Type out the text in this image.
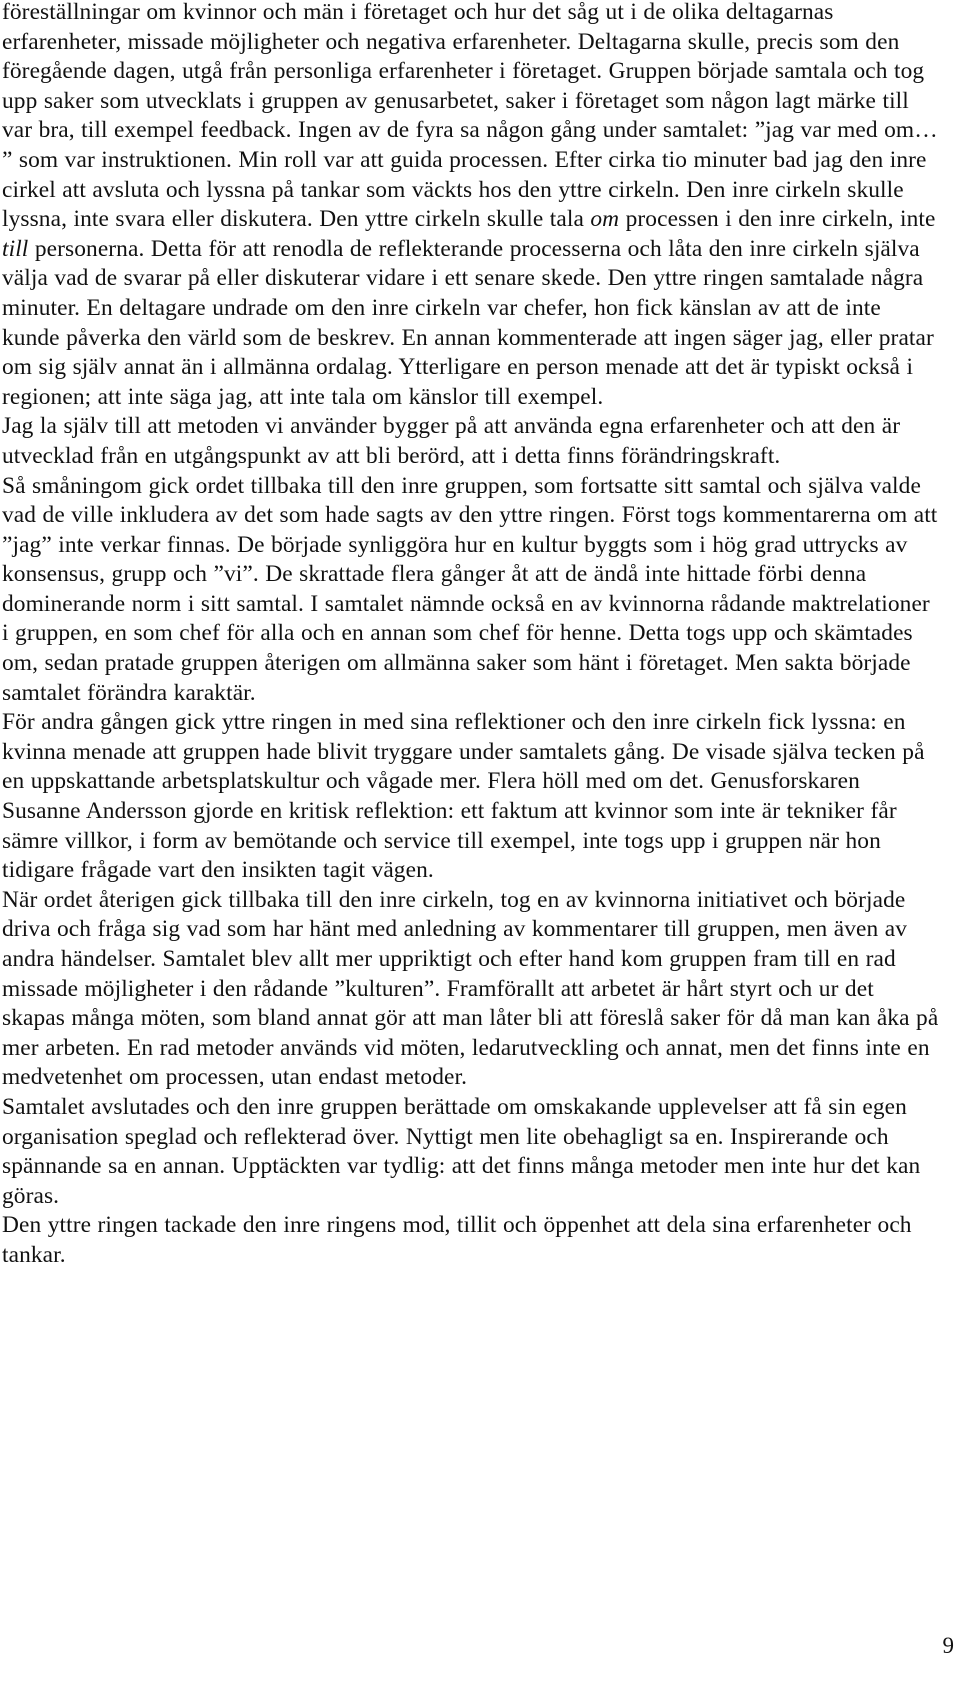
föreställningar om kvinnor och män i företaget och hur det såg ut i de olika deltagarnas erfarenheter, missade möjligheter och negativa erfarenheter. Deltagarna skulle, precis som den föregående dagen, utgå från personliga erfarenheter i företaget. Gruppen började samtala och tog upp saker som utvecklats i gruppen av genusarbetet, saker i företaget som någon lagt märke till var bra, till exempel feedback. Ingen av de fyra sa någon gång under samtalet: ”jag var med om… ” som var instruktionen. Min roll var att guida processen. Efter cirka tio minuter bad jag den inre cirkel att avsluta och lyssna på tankar som väckts hos den yttre cirkeln. Den inre cirkeln skulle lyssna, inte svara eller diskutera. Den yttre cirkeln skulle tala om processen i den inre cirkeln, inte till personerna. Detta för att renodla de reflekterande processerna och låta den inre cirkeln själva välja vad de svarar på eller diskuterar vidare i ett senare skede. Den yttre ringen samtalade några minuter. En deltagare undrade om den inre cirkeln var chefer, hon fick känslan av att de inte kunde påverka den värld som de beskrev. En annan kommenterade att ingen säger jag, eller pratar om sig själv annat än i allmänna ordalag. Ytterligare en person menade att det är typiskt också i regionen; att inte säga jag, att inte tala om känslor till exempel.

Jag la själv till att metoden vi använder bygger på att använda egna erfarenheter och att den är utvecklad från en utgångspunkt av att bli berörd, att i detta finns förändringskraft.

Så småningom gick ordet tillbaka till den inre gruppen, som fortsatte sitt samtal och själva valde vad de ville inkludera av det som hade sagts av den yttre ringen. Först togs kommentarerna om att ”jag” inte verkar finnas. De började synliggöra hur en kultur byggts som i hög grad uttrycks av konsensus, grupp och ”vi”. De skrattade flera gånger åt att de ändå inte hittade förbi denna dominerande norm i sitt samtal. I samtalet nämnde också en av kvinnorna rådande maktrelationer i gruppen, en som chef för alla och en annan som chef för henne. Detta togs upp och skämtades om, sedan pratade gruppen återigen om allmänna saker som hänt i företaget. Men sakta började samtalet förändra karaktär.

För andra gången gick yttre ringen in med sina reflektioner och den inre cirkeln fick lyssna: en kvinna menade att gruppen hade blivit tryggare under samtalets gång. De visade själva tecken på en uppskattande arbetsplatskultur och vågade mer. Flera höll med om det. Genusforskaren Susanne Andersson gjorde en kritisk reflektion: ett faktum att kvinnor som inte är tekniker får sämre villkor, i form av bemötande och service till exempel, inte togs upp i gruppen när hon tidigare frågade vart den insikten tagit vägen.

När ordet återigen gick tillbaka till den inre cirkeln, tog en av kvinnorna initiativet och började driva och fråga sig vad som har hänt med anledning av kommentarer till gruppen, men även av andra händelser. Samtalet blev allt mer uppriktigt och efter hand kom gruppen fram till en rad missade möjligheter i den rådande ”kulturen”. Framförallt att arbetet är hårt styrt och ur det skapas många möten, som bland annat gör att man låter bli att föreslå saker för då man kan åka på mer arbeten. En rad metoder används vid möten, ledarutveckling och annat, men det finns inte en medvetenhet om processen, utan endast metoder.

Samtalet avslutades och den inre gruppen berättade om omskakande upplevelser att få sin egen organisation speglad och reflekterad över. Nyttigt men lite obehagligt sa en. Inspirerande och spännande sa en annan. Upptäckten var tydlig: att det finns många metoder men inte hur det kan göras.

Den yttre ringen tackade den inre ringens mod, tillit och öppenhet att dela sina erfarenheter och tankar.

9
